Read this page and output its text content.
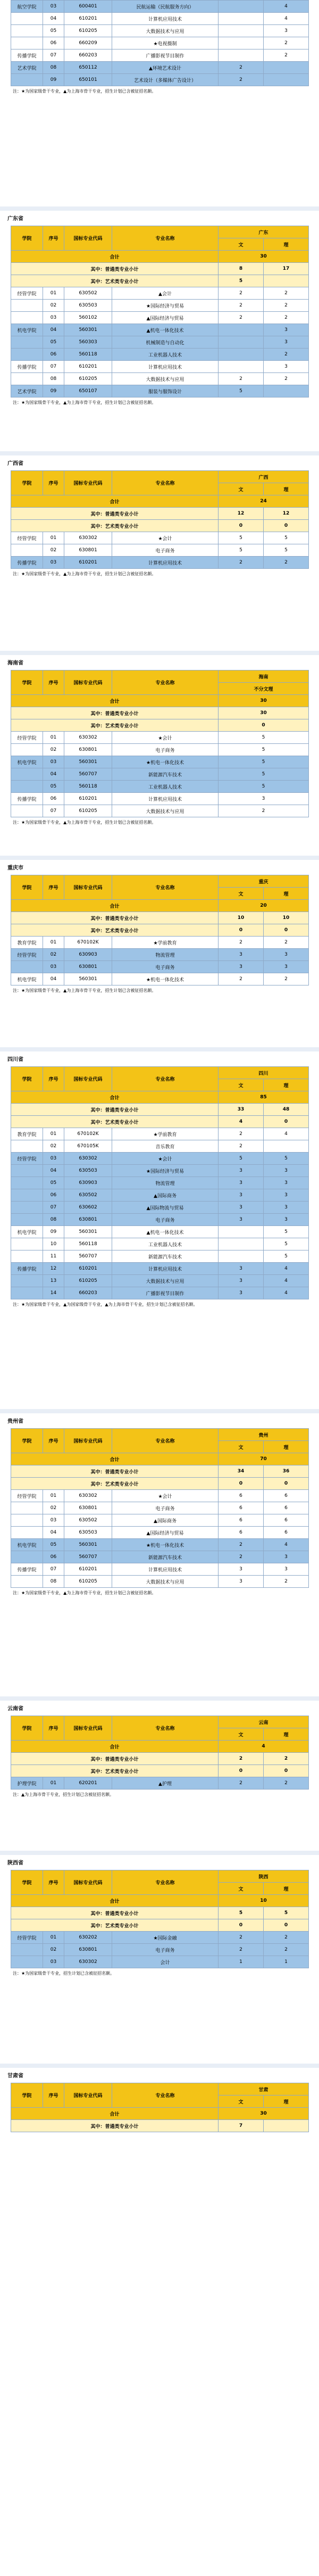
航空学院	03	600401	民航运输（民航服务方向）		4
	04	610201	计算机应用技术		4
	05	610205	大数据技术与应用		3
	06	660209	★电视摄制		2
传播学院	07	660203	广播影视节目制作		2
艺术学院	08	650112	▲环境艺术设计	2	
	09	650101	艺术设计（多媒体广告设计）	2	
注：★为国家级骨干专业，▲为上海市骨干专业，招生计划已含被征招名额。
广东省
学院	序号	国标专业代码	专业名称	广东	
				文	理
合计				30	
其中：普通类专业小计				8	17
其中：艺术类专业小计				5	
经管学院	01	630502	▲会计	2	2
	02	630503	★国际经济与贸易	2	2
	03	560102	▲国际经济与贸易	2	2
机电学院	04	560301	▲机电一体化技术		3
	05	560303	机械制造与自动化		3
	06	560118	工业机器人技术		2
传播学院	07	610201	计算机应用技术		3
	08	610205	大数据技术与应用	2	2
艺术学院	09	650107	服装与服饰设计	5	
注：★为国家级骨干专业，▲为上海市骨干专业，招生计划已含被征招名额。
广西省
学院	序号	国标专业代码	专业名称	广西	
				文	理
合计				24	
其中：普通类专业小计				12	12
其中：艺术类专业小计				0	0
经管学院	01	630302	★会计	5	5
	02	630801	电子商务	5	5
传播学院	03	610201	计算机应用技术	2	2
注：★为国家级骨干专业，▲为上海市骨干专业，招生计划已含被征招名额。
海南省
学院	序号	国标专业代码	专业名称	海南
				不分文理
合计				30
其中：普通类专业小计				30
其中：艺术类专业小计				0
经管学院	01	630302	★会计	5
	02	630801	电子商务	5
机电学院	03	560301	★机电一体化技术	5
	04	560707	新能源汽车技术	5
	05	560118	工业机器人技术	5
传播学院	06	610201	计算机应用技术	3
	07	610205	大数据技术与应用	2
注：★为国家级骨干专业，▲为上海市骨干专业，招生计划已含被征招名额。
重庆市
学院	序号	国标专业代码	专业名称	重庆	
				文	理
合计				20	
其中：普通类专业小计				10	10
其中：艺术类专业小计				0	0
教育学院	01	670102K	★学前教育	2	2
经管学院	02	630903	物流管理	3	3
	03	630801	电子商务	3	3
机电学院	04	560301	★机电一体化技术	2	2
注：★为国家级骨干专业，▲为上海市骨干专业，招生计划已含被征招名额。
四川省
学院	序号	国标专业代码	专业名称	四川	
				文	理
合计				85	
其中：普通类专业小计				33	48
其中：艺术类专业小计				4	0
教育学院	01	670102K	★学前教育	2	4
	02	670105K	音乐教育	2	
经管学院	03	630302	★会计	5	5
	04	630503	★国际经济与贸易	3	3
	05	630903	物流管理	3	3
	06	630502	▲国际商务	3	3
	07	630602	▲国际物流与贸易	3	3
	08	630801	电子商务	3	3
机电学院	09	560301	▲机电一体化技术		5
	10	560118	工业机器人技术		5
	11	560707	新能源汽车技术		5
传播学院	12	610201	计算机应用技术	3	4
	13	610205	大数据技术与应用	3	4
	14	660203	广播影视节目制作	3	4
注：★为国家级骨干专业，▲为国家级骨干专业，▲为上海市骨干专业，招生计划已含被征招名额。
贵州省
学院	序号	国标专业代码	专业名称	贵州	
				文	理
合计				70	
其中：普通类专业小计				34	36
其中：艺术类专业小计				0	0
经管学院	01	630302	★会计	6	6
	02	630801	电子商务	6	6
	03	630502	▲国际商务	6	6
	04	630503	▲国际经济与贸易	6	6
机电学院	05	560301	★机电一体化技术	2	4
	06	560707	新能源汽车技术	2	3
传播学院	07	610201	计算机应用技术	3	3
	08	610205	大数据技术与应用	3	2
注：★为国家级骨干专业，▲为上海市骨干专业，招生计划已含被征招名额。
云南省
学院	序号	国标专业代码	专业名称	云南	
				文	理
合计				4	
其中：普通类专业小计				2	2
其中：艺术类专业小计				0	0
护理学院	01	620201	▲护理	2	2
注：▲为上海市骨干专业，招生计划已含被征招名额。
陕西省
学院	序号	国标专业代码	专业名称	陕西	
				文	理
合计				10	
其中：普通类专业小计				5	5
其中：艺术类专业小计				0	0
经管学院	01	630202	★国际金融	2	2
	02	630801	电子商务	2	2
	03	630302	会计	1	1
注：★为国家级骨干专业，招生计划已含被征招名额。
甘肃省
学院	序号	国标专业代码	专业名称	甘肃	
				文	理
合计				30	
其中：普通类专业小计				7	
